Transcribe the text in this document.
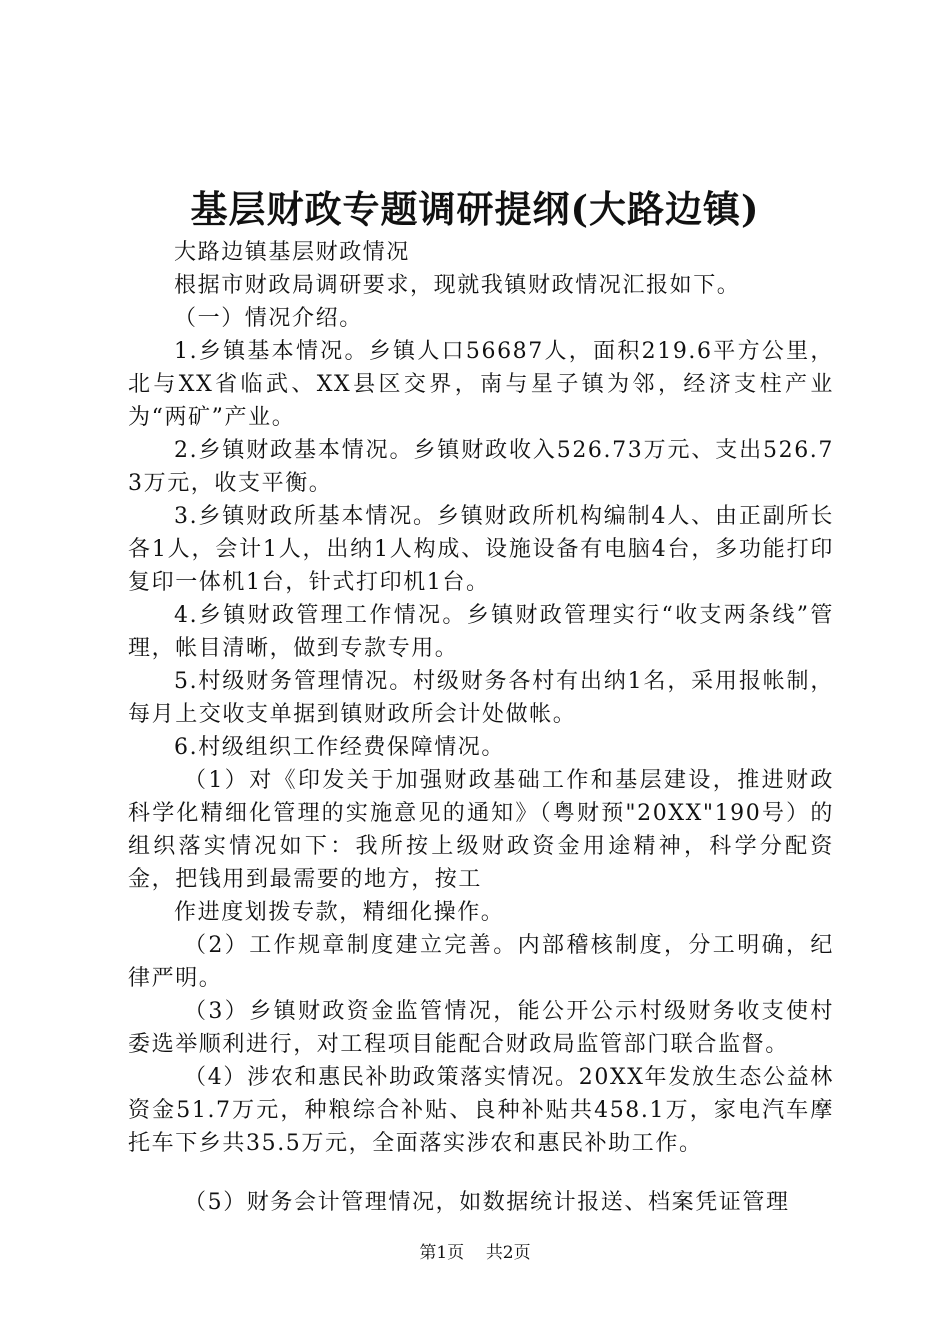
基层财政专题调研提纲(大路边镇)

大路边镇基层财政情况

根据市财政局调研要求，现就我镇财政情况汇报如下。

（一）情况介绍。

1.乡镇基本情况。乡镇人口56687人，面积219.6平方公里，北与XX省临武、XX县区交界，南与星子镇为邻，经济支柱产业为“两矿”产业。

2.乡镇财政基本情况。乡镇财政收入526.73万元、支出526.73万元，收支平衡。

3.乡镇财政所基本情况。乡镇财政所机构编制4人、由正副所长各1人，会计1人，出纳1人构成、设施设备有电脑4台，多功能打印复印一体机1台，针式打印机1台。

4.乡镇财政管理工作情况。乡镇财政管理实行“收支两条线”管理，帐目清晰，做到专款专用。

5.村级财务管理情况。村级财务各村有出纳1名，采用报帐制，每月上交收支单据到镇财政所会计处做帐。

6.村级组织工作经费保障情况。

（1）对《印发关于加强财政基础工作和基层建设，推进财政科学化精细化管理的实施意见的通知》（粤财预"20XX"190号）的组织落实情况如下：我所按上级财政资金用途精神，科学分配资金，把钱用到最需要的地方，按工

作进度划拨专款，精细化操作。

（2）工作规章制度建立完善。内部稽核制度，分工明确，纪律严明。

（3）乡镇财政资金监管情况，能公开公示村级财务收支使村委选举顺利进行，对工程项目能配合财政局监管部门联合监督。

（4）涉农和惠民补助政策落实情况。20XX年发放生态公益林资金51.7万元，种粮综合补贴、良种补贴共458.1万，家电汽车摩托车下乡共35.5万元，全面落实涉农和惠民补助工作。

（5）财务会计管理情况，如数据统计报送、档案凭证管理

第1页 共2页
